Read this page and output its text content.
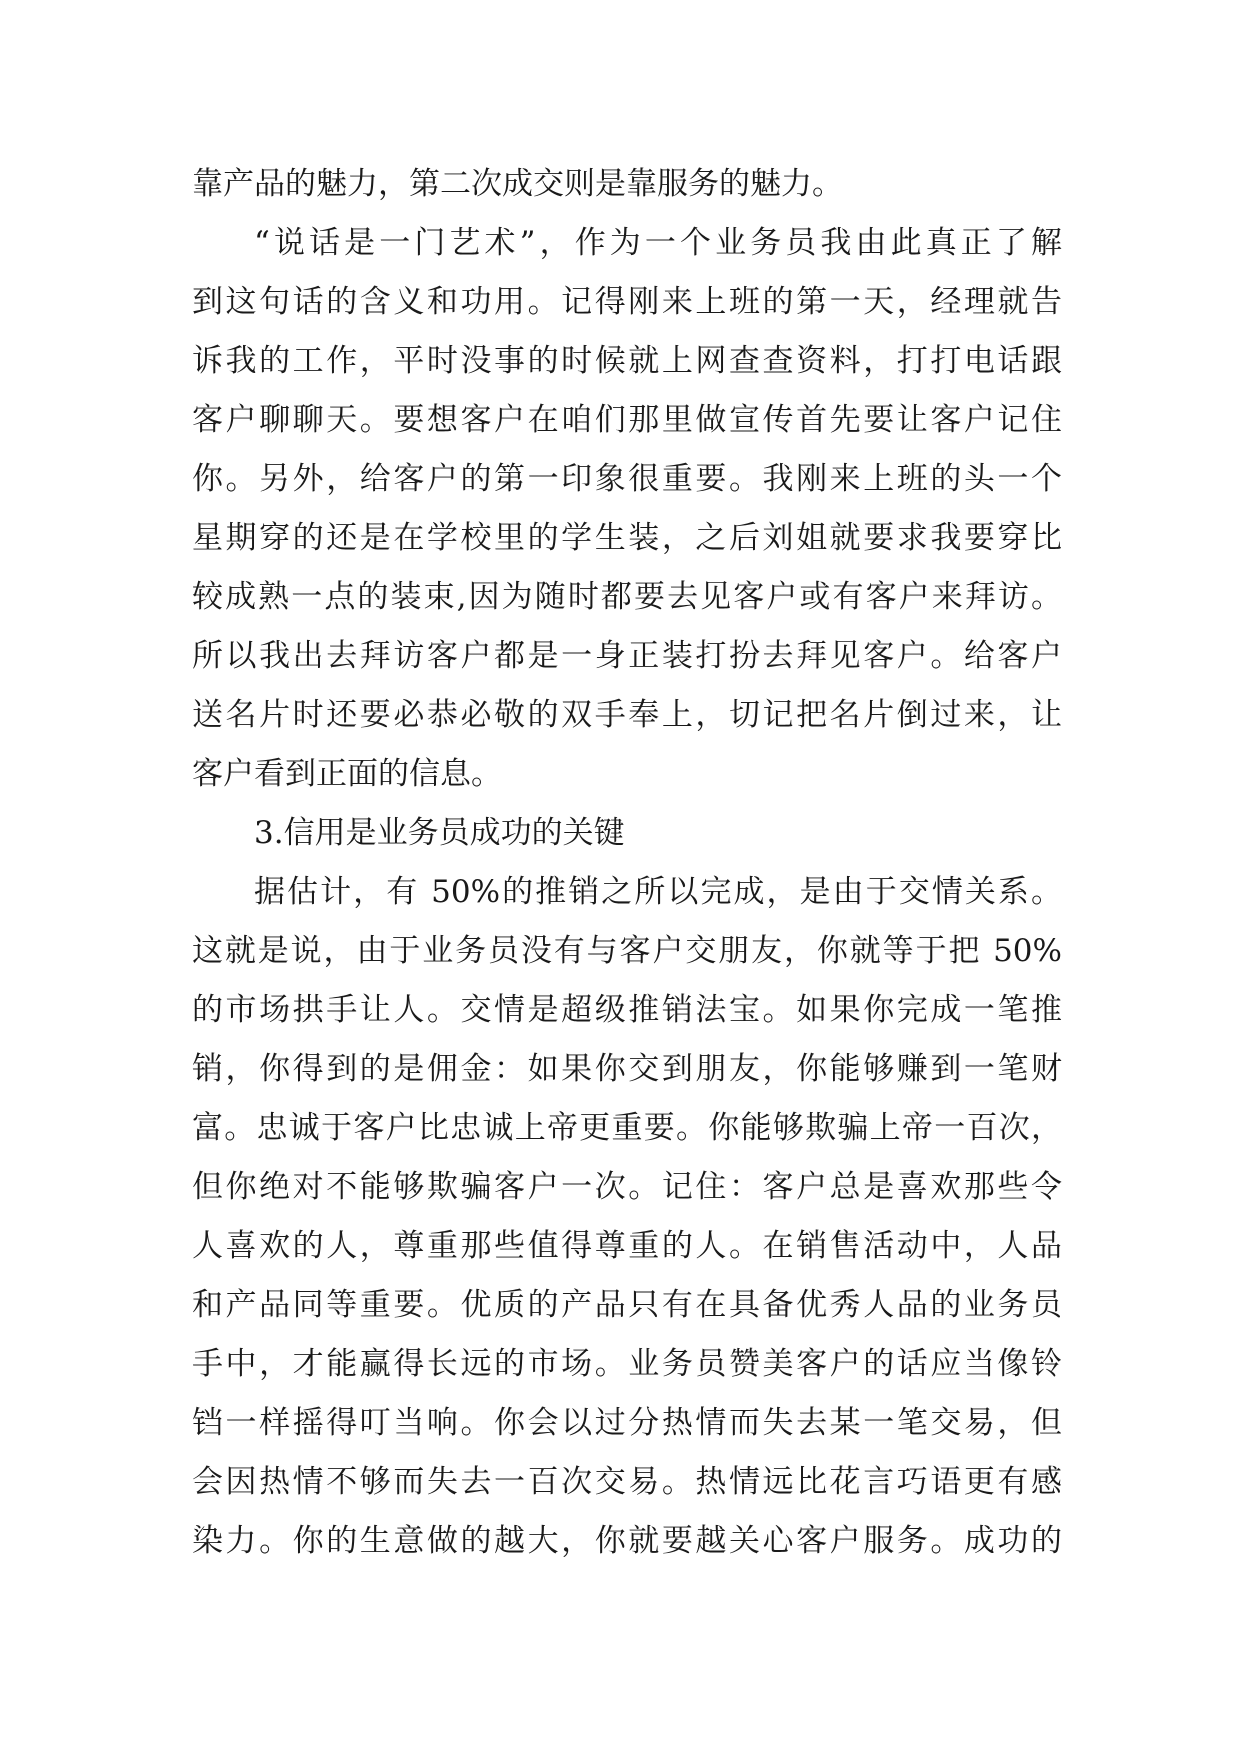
靠产品的魅力，第二次成交则是靠服务的魅力。
“说话是一门艺术”，作为一个业务员我由此真正了解
到这句话的含义和功用。记得刚来上班的第一天，经理就告
诉我的工作，平时没事的时候就上网查查资料，打打电话跟
客户聊聊天。要想客户在咱们那里做宣传首先要让客户记住
你。另外，给客户的第一印象很重要。我刚来上班的头一个
星期穿的还是在学校里的学生装，之后刘姐就要求我要穿比
较成熟一点的装束,因为随时都要去见客户或有客户来拜访。
所以我出去拜访客户都是一身正装打扮去拜见客户。给客户
送名片时还要必恭必敬的双手奉上，切记把名片倒过来，让
客户看到正面的信息。
3.信用是业务员成功的关键
据估计，有 50%的推销之所以完成，是由于交情关系。
这就是说，由于业务员没有与客户交朋友，你就等于把 50%
的市场拱手让人。交情是超级推销法宝。如果你完成一笔推
销，你得到的是佣金：如果你交到朋友，你能够赚到一笔财
富。忠诚于客户比忠诚上帝更重要。你能够欺骗上帝一百次，
但你绝对不能够欺骗客户一次。记住：客户总是喜欢那些令
人喜欢的人，尊重那些值得尊重的人。在销售活动中，人品
和产品同等重要。优质的产品只有在具备优秀人品的业务员
手中，才能赢得长远的市场。业务员赞美客户的话应当像铃
铛一样摇得叮当响。你会以过分热情而失去某一笔交易，但
会因热情不够而失去一百次交易。热情远比花言巧语更有感
染力。你的生意做的越大，你就要越关心客户服务。成功的
